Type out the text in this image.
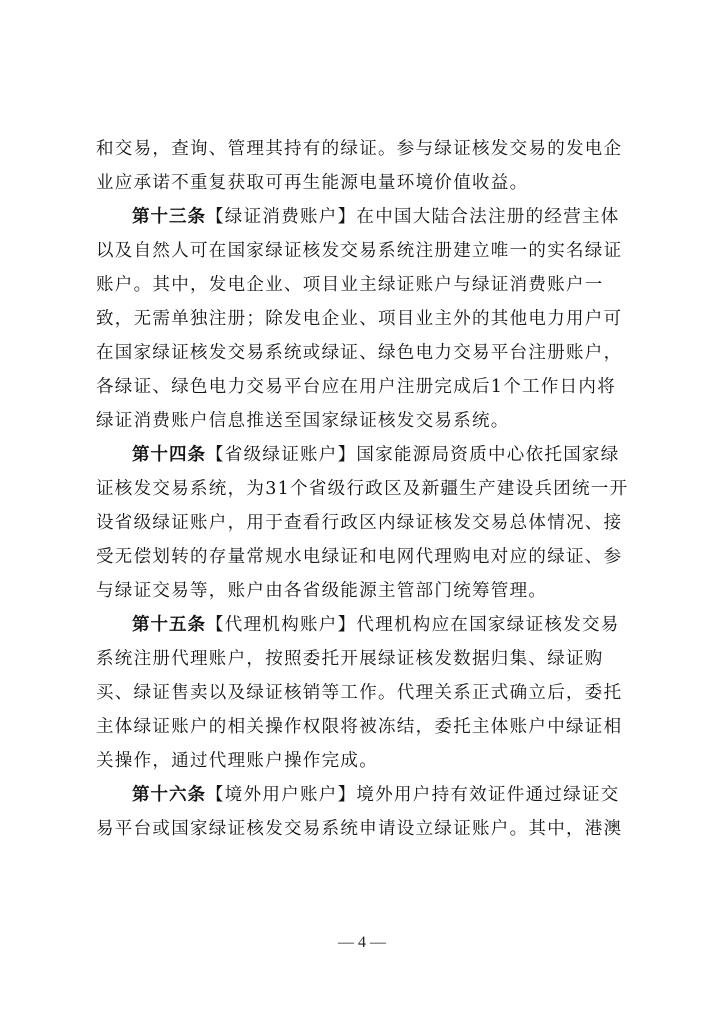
和交易，查询、管理其持有的绿证。参与绿证核发交易的发电企业应承诺不重复获取可再生能源电量环境价值收益。

第十三条【绿证消费账户】在中国大陆合法注册的经营主体以及自然人可在国家绿证核发交易系统注册建立唯一的实名绿证账户。其中，发电企业、项目业主绿证账户与绿证消费账户一致，无需单独注册；除发电企业、项目业主外的其他电力用户可在国家绿证核发交易系统或绿证、绿色电力交易平台注册账户，各绿证、绿色电力交易平台应在用户注册完成后1个工作日内将绿证消费账户信息推送至国家绿证核发交易系统。

第十四条【省级绿证账户】国家能源局资质中心依托国家绿证核发交易系统，为31个省级行政区及新疆生产建设兵团统一开设省级绿证账户，用于查看行政区内绿证核发交易总体情况、接受无偿划转的存量常规水电绿证和电网代理购电对应的绿证、参与绿证交易等，账户由各省级能源主管部门统筹管理。

第十五条【代理机构账户】代理机构应在国家绿证核发交易系统注册代理账户，按照委托开展绿证核发数据归集、绿证购买、绿证售卖以及绿证核销等工作。代理关系正式确立后，委托主体绿证账户的相关操作权限将被冻结，委托主体账户中绿证相关操作，通过代理账户操作完成。

第十六条【境外用户账户】境外用户持有效证件通过绿证交易平台或国家绿证核发交易系统申请设立绿证账户。其中，港澳

— 4 —
